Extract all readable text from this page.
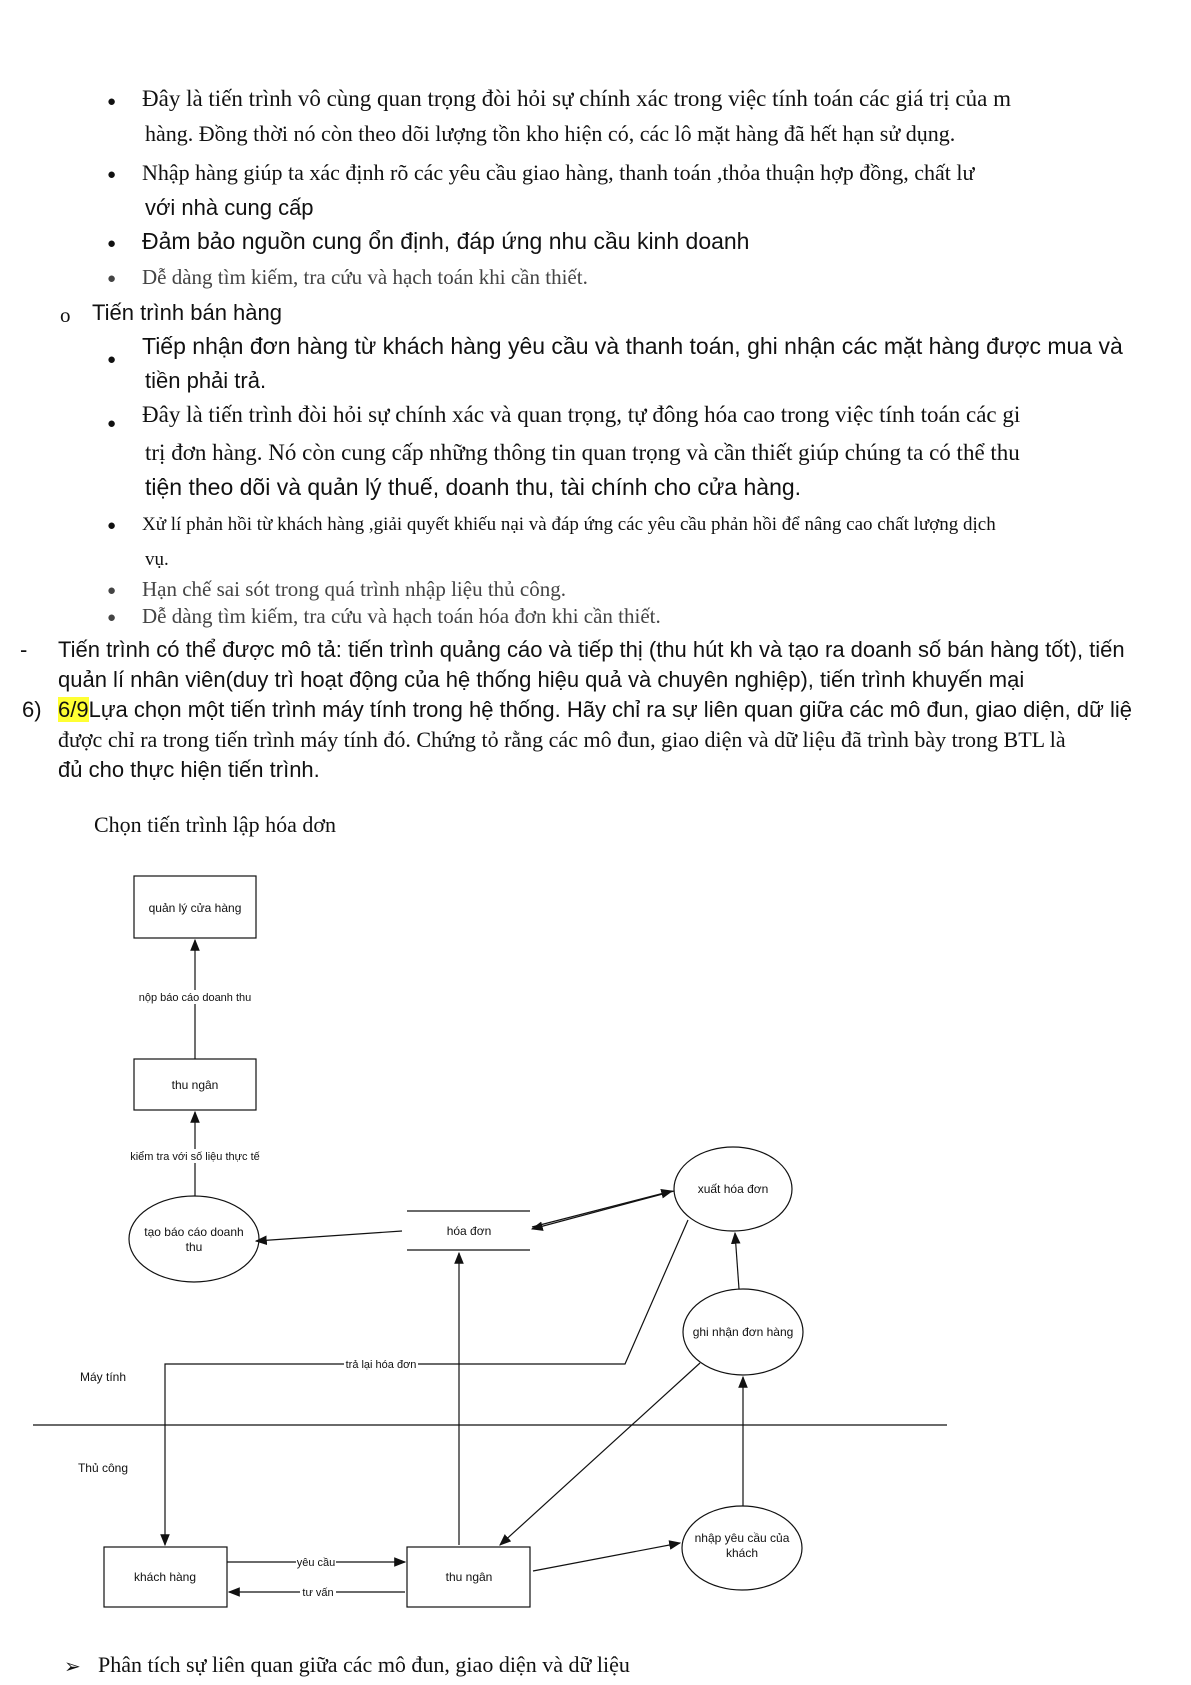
● Đây là tiến trình vô cùng quan trọng đòi hỏi sự chính xác trong việc tính toán các giá trị của m
hàng. Đồng thời nó còn theo dõi lượng tồn kho hiện có, các lô mặt hàng đã hết hạn sử dụng.
● Nhập hàng giúp ta xác định rõ các yêu cầu giao hàng, thanh toán ,thỏa thuận hợp đồng, chất lư
với nhà cung cấp
● Đảm bảo nguồn cung ổn định, đáp ứng nhu cầu kinh doanh
● Dễ dàng tìm kiếm, tra cứu và hạch toán khi cần thiết.
o Tiến trình bán hàng
●
Tiếp nhận đơn hàng từ khách hàng yêu cầu và thanh toán, ghi nhận các mặt hàng được mua và
tiền phải trả.
● Đây là tiến trình đòi hỏi sự chính xác và quan trọng, tự đông hóa cao trong việc tính toán các gi
trị đơn hàng. Nó còn cung cấp những thông tin quan trọng và cần thiết giúp chúng ta có thể thu
tiện theo dõi và quản lý thuế, doanh thu, tài chính cho cửa hàng.
● Xử lí phản hồi từ khách hàng ,giải quyết khiếu nại và đáp ứng các yêu cầu phản hồi để nâng cao chất lượng dịch
vụ.
● Hạn chế sai sót trong quá trình nhập liệu thủ công.
● Dễ dàng tìm kiếm, tra cứu và hạch toán hóa đơn khi cần thiết.
- Tiến trình có thể được mô tả: tiến trình quảng cáo và tiếp thị (thu hút kh và tạo ra doanh số bán hàng tốt), tiến
quản lí nhân viên(duy trì hoạt động của hệ thống hiệu quả và chuyên nghiệp), tiến trình khuyến mại
6) 6/9Lựa chọn một tiến trình máy tính trong hệ thống. Hãy chỉ ra sự liên quan giữa các mô đun, giao diện, dữ liệ
được chỉ ra trong tiến trình máy tính đó. Chứng tỏ rằng các mô đun, giao diện và dữ liệu đã trình bày trong BTL là
đủ cho thực hiện tiến trình.
Chọn tiến trình lập hóa dơn
quản lý cửa hàng
thu ngân
khách hàng	thu ngân
tạo báo cáo doanh
thu
xuất hóa đơn
ghi nhận đơn hàng
nhập yêu cầu của
khách
hóa đơn
nộp báo cáo doanh thu
kiểm tra với số liệu thực tế
trả lại hóa đơn
yêu cầu
tư vấn
Máy tính
Thủ công
➢ Phân tích sự liên quan giữa các mô đun, giao diện và dữ liệu
